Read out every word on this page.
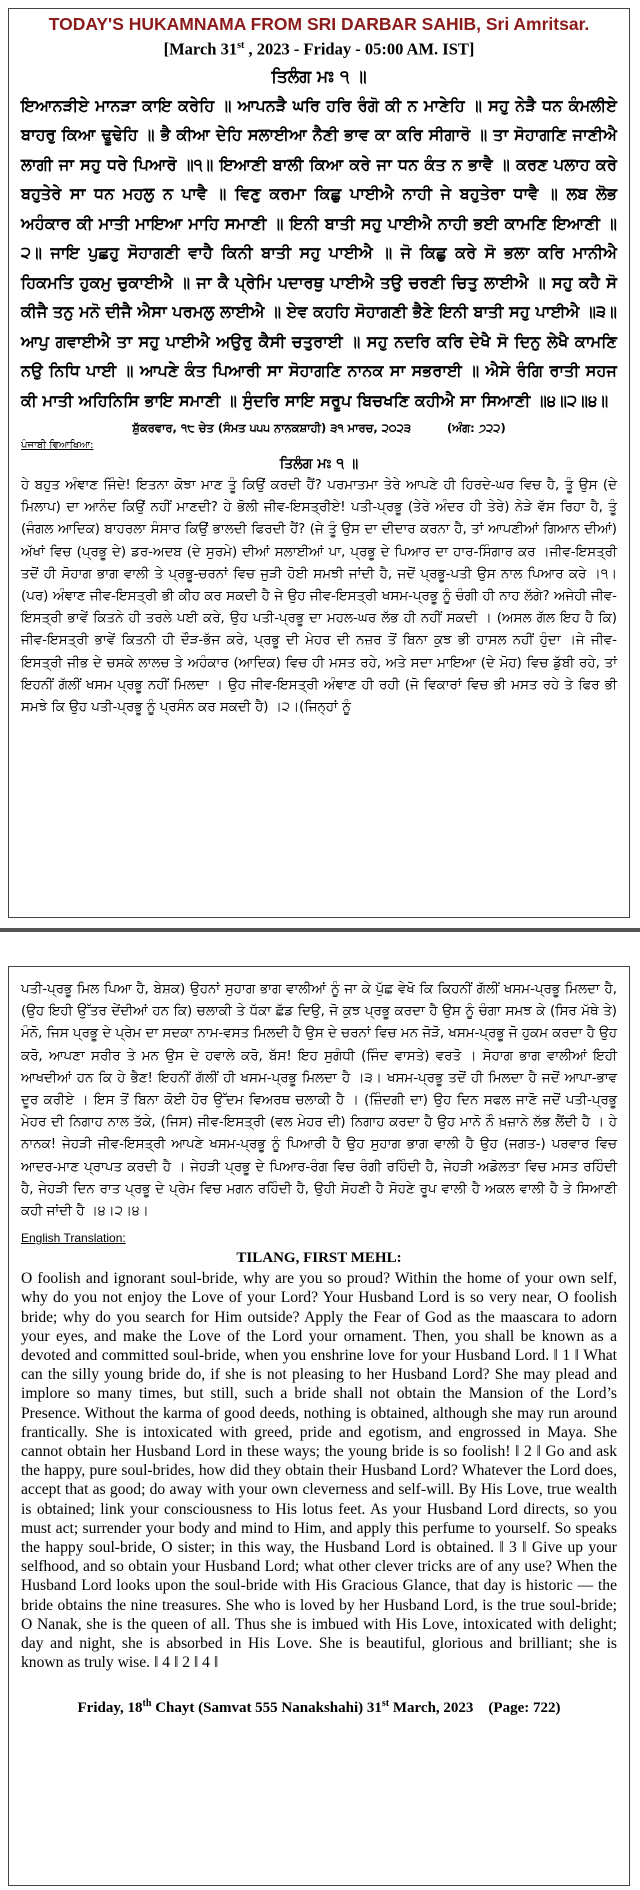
TODAY'S HUKAMNAMA FROM SRI DARBAR SAHIB, Sri Amritsar.
[March 31st , 2023 - Friday - 05:00 AM. IST]
ਤਿਲੰਗ ਮਃ ੧ ॥
ਇਆਨੜੀਏ ਮਾਨੜਾ ਕਾਇ ਕਰੇਹਿ ॥ ਆਪਨੜੈ ਘਰਿ ਹਰਿ ਰੰਗੋ ਕੀ ਨ ਮਾਣੇਹਿ ॥ ਸਹੁ ਨੇੜੈ ਧਨ ਕੰਮਲੀਏ ਬਾਹਰੁ ਕਿਆ ਢੂਢੇਹਿ ॥ ਭੈ ਕੀਆ ਦੇਹਿ ਸਲਾਈਆ ਨੈਣੀ ਭਾਵ ਕਾ ਕਰਿ ਸੀਗਾਰੋ ॥ ਤਾ ਸੋਹਾਗਣਿ ਜਾਣੀਐ ਲਾਗੀ ਜਾ ਸਹੁ ਧਰੇ ਪਿਆਰੋ ॥੧॥ ਇਆਣੀ ਬਾਲੀ ਕਿਆ ਕਰੇ ਜਾ ਧਨ ਕੰਤ ਨ ਭਾਵੈ ॥ ਕਰਣ ਪਲਾਹ ਕਰੇ ਬਹੁਤੇਰੇ ਸਾ ਧਨ ਮਹਲੁ ਨ ਪਾਵੈ ॥ ਵਿਣੁ ਕਰਮਾ ਕਿਛੁ ਪਾਈਐ ਨਾਹੀ ਜੇ ਬਹੁਤੇਰਾ ਧਾਵੈ ॥ ਲਬ ਲੋਭ ਅਹੰਕਾਰ ਕੀ ਮਾਤੀ ਮਾਇਆ ਮਾਹਿ ਸਮਾਣੀ ॥ ਇਨੀ ਬਾਤੀ ਸਹੁ ਪਾਈਐ ਨਾਹੀ ਭਈ ਕਾਮਣਿ ਇਆਣੀ ॥੨॥ ਜਾਇ ਪੁਛਹੁ ਸੋਹਾਗਣੀ ਵਾਹੈ ਕਿਨੀ ਬਾਤੀ ਸਹੁ ਪਾਈਐ ॥ ਜੋ ਕਿਛੁ ਕਰੇ ਸੋ ਭਲਾ ਕਰਿ ਮਾਨੀਐ ਹਿਕਮਤਿ ਹੁਕਮੁ ਚੁਕਾਈਐ ॥ ਜਾ ਕੈ ਪ੍ਰੇਮਿ ਪਦਾਰਥੁ ਪਾਈਐ ਤਉ ਚਰਣੀ ਚਿਤੁ ਲਾਈਐ ॥ ਸਹੁ ਕਹੈ ਸੋ ਕੀਜੈ ਤਨੁ ਮਨੋ ਦੀਜੈ ਐਸਾ ਪਰਮਲੁ ਲਾਈਐ ॥ ਏਵ ਕਹਹਿ ਸੋਹਾਗਣੀ ਭੈਣੇ ਇਨੀ ਬਾਤੀ ਸਹੁ ਪਾਈਐ ॥੩॥ ਆਪੁ ਗਵਾਈਐ ਤਾ ਸਹੁ ਪਾਈਐ ਅਉਰੁ ਕੈਸੀ ਚਤੁਰਾਈ ॥ ਸਹੁ ਨਦਰਿ ਕਰਿ ਦੇਖੈ ਸੋ ਦਿਨੁ ਲੇਖੈ ਕਾਮਣਿ ਨਉ ਨਿਧਿ ਪਾਈ ॥ ਆਪਣੇ ਕੰਤ ਪਿਆਰੀ ਸਾ ਸੋਹਾਗਣਿ ਨਾਨਕ ਸਾ ਸਭਰਾਈ ॥ ਐਸੇ ਰੰਗਿ ਰਾਤੀ ਸਹਜ ਕੀ ਮਾਤੀ ਅਹਿਨਿਸਿ ਭਾਇ ਸਮਾਣੀ ॥ ਸੁੰਦਰਿ ਸਾਇ ਸਰੂਪ ਬਿਚਖਣਿ ਕਹੀਐ ਸਾ ਸਿਆਣੀ ॥੪॥੨॥੪॥
ਸ਼ੁੱਕਰਵਾਰ, ੧੮ ਚੇਤ (ਸੰਮਤ ੫੫੫ ਨਾਨਕਸ਼ਾਹੀ) ੩੧ ਮਾਰਚ, ੨੦੨੩	(ਅੰਗ: ੭੨੨)
ਪੰਜਾਬੀ ਵਿਆਖਿਆ:
ਤਿਲੰਗ ਮਃ ੧ ॥
ਹੇ ਬਹੁਤ ਅੰਞਾਣ ਜਿੰਦੇ! ਇਤਨਾ ਕੋਝਾ ਮਾਣ ਤੂੰ ਕਿਉਂ ਕਰਦੀ ਹੈਂ? ਪਰਮਾਤਮਾ ਤੇਰੇ ਆਪਣੇ ਹੀ ਹਿਰਦੇ-ਘਰ ਵਿਚ ਹੈ, ਤੂੰ ਉਸ (ਦੇ ਮਿਲਾਪ) ਦਾ ਆਨੰਦ ਕਿਉਂ ਨਹੀਂ ਮਾਣਦੀ? ਹੇ ਭੋਲੀ ਜੀਵ-ਇਸਤ੍ਰੀਏ! ਪਤੀ-ਪ੍ਰਭੂ (ਤੇਰੇ ਅੰਦਰ ਹੀ ਤੇਰੇ) ਨੇੜੇ ਵੱਸ ਰਿਹਾ ਹੈ, ਤੂੰ (ਜੰਗਲ ਆਦਿਕ) ਬਾਹਰਲਾ ਸੰਸਾਰ ਕਿਉਂ ਭਾਲਦੀ ਫਿਰਦੀ ਹੈਂ? (ਜੇ ਤੂੰ ਉਸ ਦਾ ਦੀਦਾਰ ਕਰਨਾ ਹੈ, ਤਾਂ ਆਪਣੀਆਂ ਗਿਆਨ ਦੀਆਂ) ਅੱਖਾਂ ਵਿਚ (ਪ੍ਰਭੂ ਦੇ) ਡਰ-ਅਦਬ (ਦੇ ਸੁਰਮੇ) ਦੀਆਂ ਸਲਾਈਆਂ ਪਾ, ਪ੍ਰਭੂ ਦੇ ਪਿਆਰ ਦਾ ਹਾਰ-ਸਿੰਗਾਰ ਕਰ ।ਜੀਵ-ਇਸਤ੍ਰੀ ਤਦੋਂ ਹੀ ਸੋਹਾਗ ਭਾਗ ਵਾਲੀ ਤੇ ਪ੍ਰਭੂ-ਚਰਨਾਂ ਵਿਚ ਜੁੜੀ ਹੋਈ ਸਮਝੀ ਜਾਂਦੀ ਹੈ, ਜਦੋਂ ਪ੍ਰਭੂ-ਪਤੀ ਉਸ ਨਾਲ ਪਿਆਰ ਕਰੇ ।੧।(ਪਰ) ਅੰਞਾਣ ਜੀਵ-ਇਸਤ੍ਰੀ ਭੀ ਕੀਹ ਕਰ ਸਕਦੀ ਹੈ ਜੇ ਉਹ ਜੀਵ-ਇਸਤ੍ਰੀ ਖਸਮ-ਪ੍ਰਭੂ ਨੂੰ ਚੰਗੀ ਹੀ ਨਾਹ ਲੱਗੇ? ਅਜੇਹੀ ਜੀਵ-ਇਸਤ੍ਰੀ ਭਾਵੇਂ ਕਿਤਨੇ ਹੀ ਤਰਲੇ ਪਈ ਕਰੇ, ਉਹ ਪਤੀ-ਪ੍ਰਭੂ ਦਾ ਮਹਲ-ਘਰ ਲੱਭ ਹੀ ਨਹੀਂ ਸਕਦੀ । (ਅਸਲ ਗੱਲ ਇਹ ਹੈ ਕਿ) ਜੀਵ-ਇਸਤ੍ਰੀ ਭਾਵੇਂ ਕਿਤਨੀ ਹੀ ਦੌੜ-ਭੱਜ ਕਰੇ, ਪ੍ਰਭੂ ਦੀ ਮੇਹਰ ਦੀ ਨਜ਼ਰ ਤੋਂ ਬਿਨਾ ਕੁਝ ਭੀ ਹਾਸਲ ਨਹੀਂ ਹੁੰਦਾ ।ਜੇ ਜੀਵ-ਇਸਤ੍ਰੀ ਜੀਭ ਦੇ ਚਸਕੇ ਲਾਲਚ ਤੇ ਅਹੰਕਾਰ (ਆਦਿਕ) ਵਿਚ ਹੀ ਮਸਤ ਰਹੇ, ਅਤੇ ਸਦਾ ਮਾਇਆ (ਦੇ ਮੋਹ) ਵਿਚ ਡੁੱਬੀ ਰਹੇ, ਤਾਂ ਇਹਨੀਂ ਗੱਲੀਂ ਖਸਮ ਪ੍ਰਭੂ ਨਹੀਂ ਮਿਲਦਾ । ਉਹ ਜੀਵ-ਇਸਤ੍ਰੀ ਅੰਞਾਣ ਹੀ ਰਹੀ (ਜੋ ਵਿਕਾਰਾਂ ਵਿਚ ਭੀ ਮਸਤ ਰਹੇ ਤੇ ਫਿਰ ਭੀ ਸਮਝੇ ਕਿ ਉਹ ਪਤੀ-ਪ੍ਰਭੂ ਨੂੰ ਪ੍ਰਸੰਨ ਕਰ ਸਕਦੀ ਹੈ) ।੨।(ਜਿਨ੍ਹਾਂ ਨੂੰ
ਪਤੀ-ਪ੍ਰਭੂ ਮਿਲ ਪਿਆ ਹੈ, ਬੇਸ਼ਕ) ਉਹਨਾਂ ਸੁਹਾਗ ਭਾਗ ਵਾਲੀਆਂ ਨੂੰ ਜਾ ਕੇ ਪੁੱਛ ਵੇਖੋ ਕਿ ਕਿਹਨੀਂ ਗੱਲੀਂ ਖਸਮ-ਪ੍ਰਭੂ ਮਿਲਦਾ ਹੈ, (ਉਹ ਇਹੀ ਉੱਤਰ ਦੇਂਦੀਆਂ ਹਨ ਕਿ) ਚਲਾਕੀ ਤੇ ਧੱਕਾ ਛੱਡ ਦਿਉ, ਜੋ ਕੁਝ ਪ੍ਰਭੂ ਕਰਦਾ ਹੈ ਉਸ ਨੂੰ ਚੰਗਾ ਸਮਝ ਕੇ (ਸਿਰ ਮੱਥੇ ਤੇ) ਮੰਨੋ, ਜਿਸ ਪ੍ਰਭੂ ਦੇ ਪ੍ਰੇਮ ਦਾ ਸਦਕਾ ਨਾਮ-ਵਸਤ ਮਿਲਦੀ ਹੈ ਉਸ ਦੇ ਚਰਨਾਂ ਵਿਚ ਮਨ ਜੋੜੋ, ਖਸਮ-ਪ੍ਰਭੂ ਜੋ ਹੁਕਮ ਕਰਦਾ ਹੈ ਉਹ ਕਰੋ, ਆਪਣਾ ਸਰੀਰ ਤੇ ਮਨ ਉਸ ਦੇ ਹਵਾਲੇ ਕਰੋ, ਬੱਸ! ਇਹ ਸੁਗੰਧੀ (ਜਿੰਦ ਵਾਸਤੇ) ਵਰਤੋ । ਸੋਹਾਗ ਭਾਗ ਵਾਲੀਆਂ ਇਹੀ ਆਖਦੀਆਂ ਹਨ ਕਿ ਹੇ ਭੈਣ! ਇਹਨੀਂ ਗੱਲੀਂ ਹੀ ਖਸਮ-ਪ੍ਰਭੂ ਮਿਲਦਾ ਹੈ ।੩। ਖਸਮ-ਪ੍ਰਭੂ ਤਦੋਂ ਹੀ ਮਿਲਦਾ ਹੈ ਜਦੋਂ ਆਪਾ-ਭਾਵ ਦੂਰ ਕਰੀਏ । ਇਸ ਤੋਂ ਬਿਨਾ ਕੋਈ ਹੋਰ ਉੱਦਮ ਵਿਅਰਥ ਚਲਾਕੀ ਹੈ । (ਜ਼ਿੰਦਗੀ ਦਾ) ਉਹ ਦਿਨ ਸਫਲ ਜਾਣੋ ਜਦੋਂ ਪਤੀ-ਪ੍ਰਭੂ ਮੇਹਰ ਦੀ ਨਿਗਾਹ ਨਾਲ ਤੱਕੇ, (ਜਿਸ) ਜੀਵ-ਇਸਤ੍ਰੀ (ਵਲ ਮੇਹਰ ਦੀ) ਨਿਗਾਹ ਕਰਦਾ ਹੈ ਉਹ ਮਾਨੋ ਨੌ ਖ਼ਜ਼ਾਨੇ ਲੱਭ ਲੈਂਦੀ ਹੈ । ਹੇ ਨਾਨਕ! ਜੇਹੜੀ ਜੀਵ-ਇਸਤ੍ਰੀ ਆਪਣੇ ਖਸਮ-ਪ੍ਰਭੂ ਨੂੰ ਪਿਆਰੀ ਹੈ ਉਹ ਸੁਹਾਗ ਭਾਗ ਵਾਲੀ ਹੈ ਉਹ (ਜਗਤ-) ਪਰਵਾਰ ਵਿਚ ਆਦਰ-ਮਾਣ ਪ੍ਰਾਪਤ ਕਰਦੀ ਹੈ । ਜੇਹੜੀ ਪ੍ਰਭੂ ਦੇ ਪਿਆਰ-ਰੰਗ ਵਿਚ ਰੰਗੀ ਰਹਿੰਦੀ ਹੈ, ਜੇਹੜੀ ਅਡੋਲਤਾ ਵਿਚ ਮਸਤ ਰਹਿੰਦੀ ਹੈ, ਜੇਹੜੀ ਦਿਨ ਰਾਤ ਪ੍ਰਭੂ ਦੇ ਪ੍ਰੇਮ ਵਿਚ ਮਗਨ ਰਹਿੰਦੀ ਹੈ, ਉਹੀ ਸੋਹਣੀ ਹੈ ਸੋਹਣੇ ਰੂਪ ਵਾਲੀ ਹੈ ਅਕਲ ਵਾਲੀ ਹੈ ਤੇ ਸਿਆਣੀ ਕਹੀ ਜਾਂਦੀ ਹੈ ।੪।੨।੪।
English Translation:
TILANG, FIRST MEHL:
O foolish and ignorant soul-bride, why are you so proud? Within the home of your own self, why do you not enjoy the Love of your Lord? Your Husband Lord is so very near, O foolish bride; why do you search for Him outside? Apply the Fear of God as the maascara to adorn your eyes, and make the Love of the Lord your ornament. Then, you shall be known as a devoted and committed soul-bride, when you enshrine love for your Husband Lord. ‖ 1 ‖ What can the silly young bride do, if she is not pleasing to her Husband Lord? She may plead and implore so many times, but still, such a bride shall not obtain the Mansion of the Lord’s Presence. Without the karma of good deeds, nothing is obtained, although she may run around frantically. She is intoxicated with greed, pride and egotism, and engrossed in Maya. She cannot obtain her Husband Lord in these ways; the young bride is so foolish! ‖ 2 ‖ Go and ask the happy, pure soul-brides, how did they obtain their Husband Lord? Whatever the Lord does, accept that as good; do away with your own cleverness and self-will. By His Love, true wealth is obtained; link your consciousness to His lotus feet. As your Husband Lord directs, so you must act; surrender your body and mind to Him, and apply this perfume to yourself. So speaks the happy soul-bride, O sister; in this way, the Husband Lord is obtained. ‖ 3 ‖ Give up your selfhood, and so obtain your Husband Lord; what other clever tricks are of any use? When the Husband Lord looks upon the soul-bride with His Gracious Glance, that day is historic — the bride obtains the nine treasures. She who is loved by her Husband Lord, is the true soul-bride; O Nanak, she is the queen of all. Thus she is imbued with His Love, intoxicated with delight; day and night, she is absorbed in His Love. She is beautiful, glorious and brilliant; she is known as truly wise. ‖ 4 ‖ 2 ‖ 4 ‖
Friday, 18th Chayt (Samvat 555 Nanakshahi) 31st March, 2023 (Page: 722)
